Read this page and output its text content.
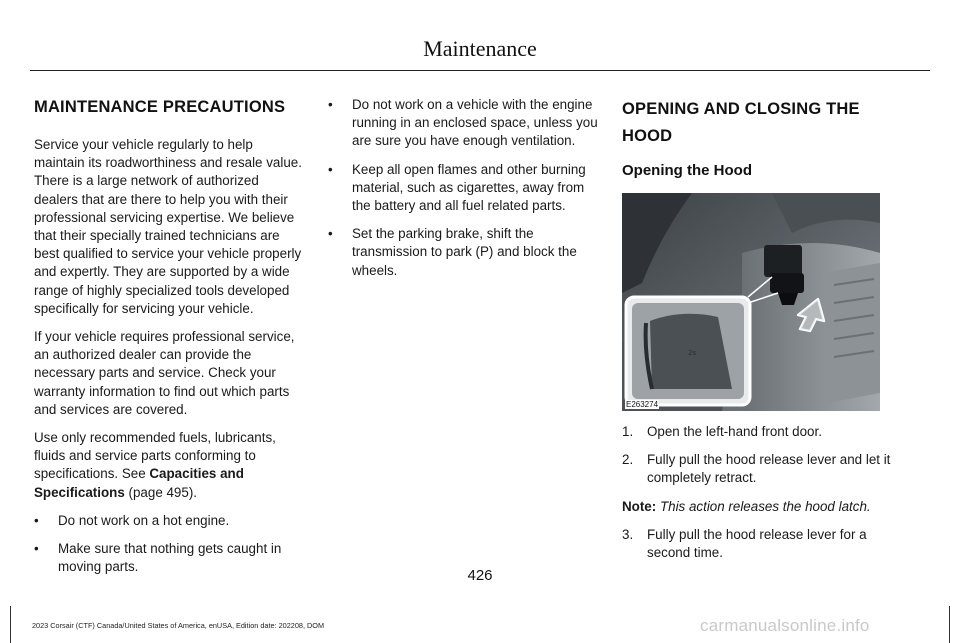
Maintenance
MAINTENANCE PRECAUTIONS

Service your vehicle regularly to help maintain its roadworthiness and resale value. There is a large network of authorized dealers that are there to help you with their professional servicing expertise. We believe that their specially trained technicians are best qualified to service your vehicle properly and expertly. They are supported by a wide range of highly specialized tools developed specifically for servicing your vehicle.

If your vehicle requires professional service, an authorized dealer can provide the necessary parts and service. Check your warranty information to find out which parts and services are covered.

Use only recommended fuels, lubricants, fluids and service parts conforming to specifications. See Capacities and Specifications (page 495).

• Do not work on a hot engine.
• Make sure that nothing gets caught in moving parts.
• Do not work on a vehicle with the engine running in an enclosed space, unless you are sure you have enough ventilation.
• Keep all open flames and other burning material, such as cigarettes, away from the battery and all fuel related parts.
• Set the parking brake, shift the transmission to park (P) and block the wheels.
OPENING AND CLOSING THE
HOOD
Opening the Hood
2s
E263274
1. Open the left-hand front door.
2. Fully pull the hood release lever and let it completely retract.

Note: This action releases the hood latch.

3. Fully pull the hood release lever for a second time.
426
2023 Corsair (CTF) Canada/United States of America, enUSA, Edition date: 202208, DOM	carmanualsonline.info
